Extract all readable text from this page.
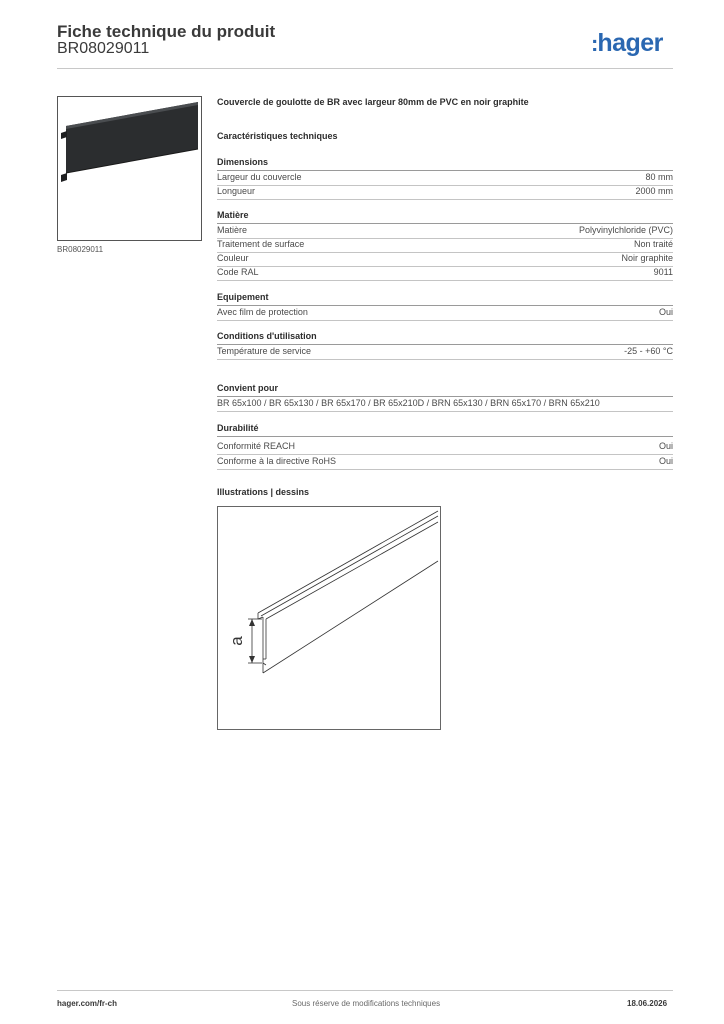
Fiche technique du produit
BR08029011	:hager
BR08029011
Couvercle de goulotte de BR avec largeur 80mm de PVC en noir graphite
Caractéristiques techniques
Dimensions
Largeur du couvercle	80 mm
Longueur	2000 mm
Matière
Matière	Polyvinylchloride (PVC)
Traitement de surface	Non traité
Couleur	Noir graphite
Code RAL	9011
Equipement
Avec film de protection	Oui
Conditions d'utilisation
Température de service	-25 - +60 °C
Convient pour
BR 65x100 / BR 65x130 / BR 65x170 / BR 65x210D / BRN 65x130 / BRN 65x170 / BRN 65x210
Durabilité
Conformité REACH	Oui
Conforme à la directive RoHS	Oui
Illustrations | dessins
a
hager.com/fr-ch	Sous réserve de modifications techniques	18.06.2026
